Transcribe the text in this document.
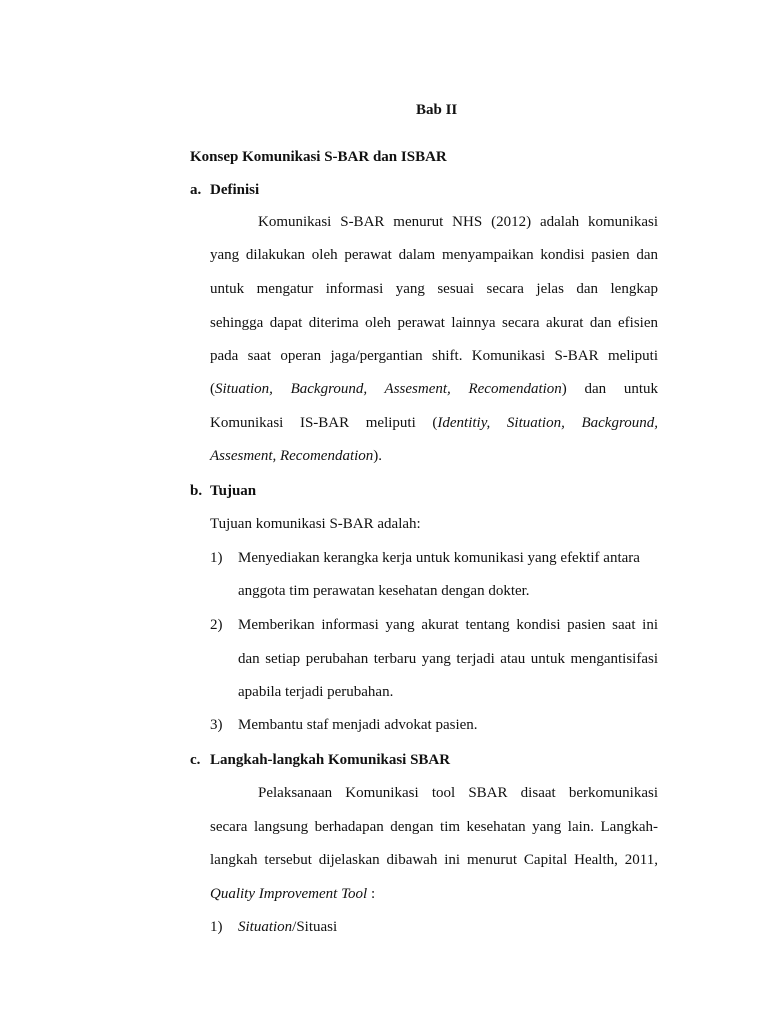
Bab II
Konsep Komunikasi S-BAR dan ISBAR
a. Definisi
Komunikasi S-BAR menurut NHS (2012) adalah komunikasi
yang dilakukan oleh perawat dalam menyampaikan kondisi pasien dan
untuk mengatur informasi yang sesuai secara jelas dan lengkap
sehingga dapat diterima oleh perawat lainnya secara akurat dan efisien
pada saat operan jaga/pergantian shift. Komunikasi S-BAR meliputi
(Situation, Background, Assesment, Recomendation) dan untuk
Komunikasi IS-BAR meliputi (Identitiy, Situation, Background,
Assesment, Recomendation).
b. Tujuan
Tujuan komunikasi S-BAR adalah:
1) Menyediakan kerangka kerja untuk komunikasi yang efektif antara
anggota tim perawatan kesehatan dengan dokter.
2) Memberikan informasi yang akurat tentang kondisi pasien saat ini
dan setiap perubahan terbaru yang terjadi atau untuk mengantisifasi
apabila terjadi perubahan.
3) Membantu staf menjadi advokat pasien.
c. Langkah-langkah Komunikasi SBAR
Pelaksanaan Komunikasi tool SBAR disaat berkomunikasi
secara langsung berhadapan dengan tim kesehatan yang lain. Langkah-
langkah tersebut dijelaskan dibawah ini menurut Capital Health, 2011,
Quality Improvement Tool :
1) Situation/Situasi
